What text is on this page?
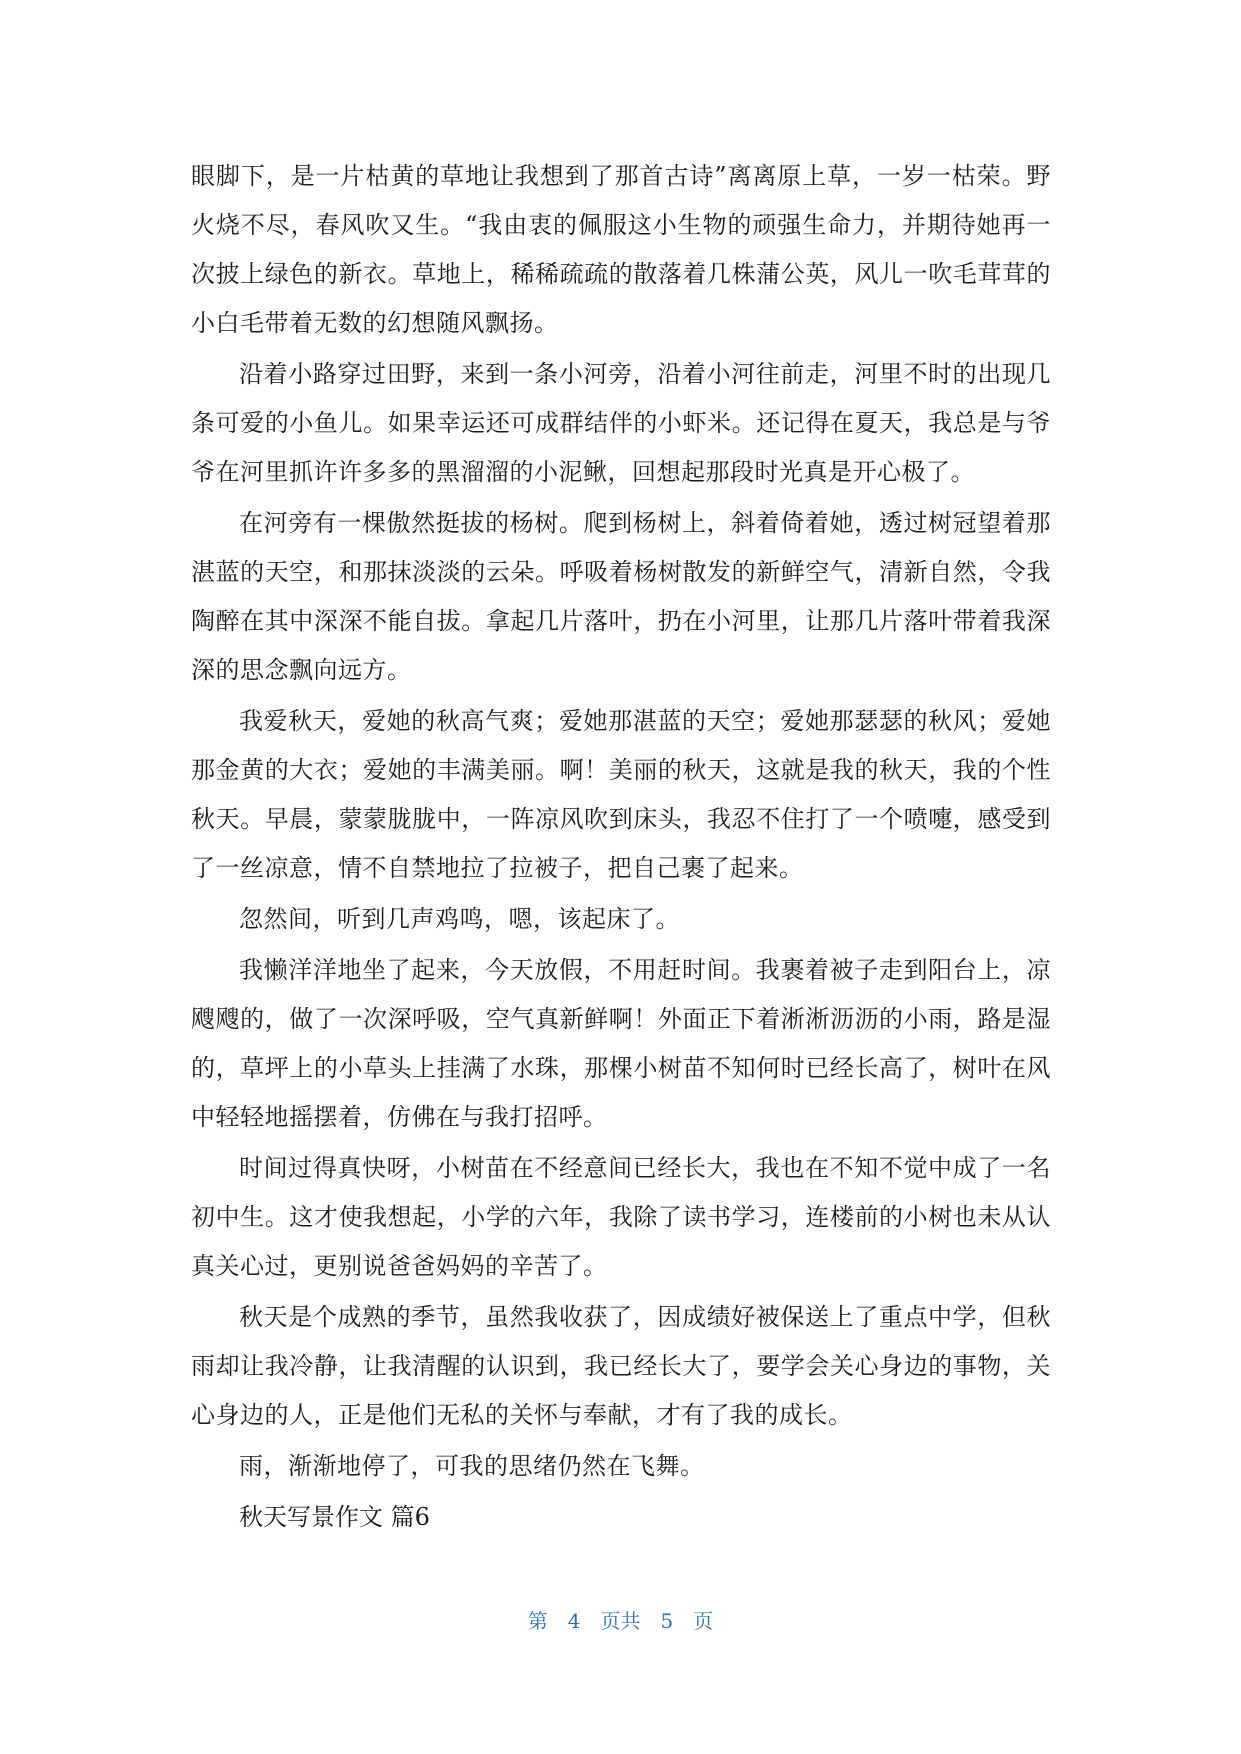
眼脚下，是一片枯黄的草地让我想到了那首古诗”离离原上草，一岁一枯荣。野火烧不尽，春风吹又生。“我由衷的佩服这小生物的顽强生命力，并期待她再一次披上绿色的新衣。草地上，稀稀疏疏的散落着几株蒲公英，风儿一吹毛茸茸的小白毛带着无数的幻想随风飘扬。

沿着小路穿过田野，来到一条小河旁，沿着小河往前走，河里不时的出现几条可爱的小鱼儿。如果幸运还可成群结伴的小虾米。还记得在夏天，我总是与爷爷在河里抓许许多多的黑溜溜的小泥鳅，回想起那段时光真是开心极了。

在河旁有一棵傲然挺拔的杨树。爬到杨树上，斜着倚着她，透过树冠望着那湛蓝的天空，和那抹淡淡的云朵。呼吸着杨树散发的新鲜空气，清新自然，令我陶醉在其中深深不能自拔。拿起几片落叶，扔在小河里，让那几片落叶带着我深深的思念飘向远方。

我爱秋天，爱她的秋高气爽；爱她那湛蓝的天空；爱她那瑟瑟的秋风；爱她那金黄的大衣；爱她的丰满美丽。啊！美丽的秋天，这就是我的秋天，我的个性秋天。早晨，蒙蒙胧胧中，一阵凉风吹到床头，我忍不住打了一个喷嚏，感受到了一丝凉意，情不自禁地拉了拉被子，把自己裹了起来。

忽然间，听到几声鸡鸣，嗯，该起床了。

我懒洋洋地坐了起来，今天放假，不用赶时间。我裹着被子走到阳台上，凉飕飕的，做了一次深呼吸，空气真新鲜啊！外面正下着淅淅沥沥的小雨，路是湿的，草坪上的小草头上挂满了水珠，那棵小树苗不知何时已经长高了，树叶在风中轻轻地摇摆着，仿佛在与我打招呼。

时间过得真快呀，小树苗在不经意间已经长大，我也在不知不觉中成了一名初中生。这才使我想起，小学的六年，我除了读书学习，连楼前的小树也未从认真关心过，更别说爸爸妈妈的辛苦了。

秋天是个成熟的季节，虽然我收获了，因成绩好被保送上了重点中学，但秋雨却让我冷静，让我清醒的认识到，我已经长大了，要学会关心身边的事物，关心身边的人，正是他们无私的关怀与奉献，才有了我的成长。

雨，渐渐地停了，可我的思绪仍然在飞舞。

秋天写景作文 篇6

第 4 页共 5 页
